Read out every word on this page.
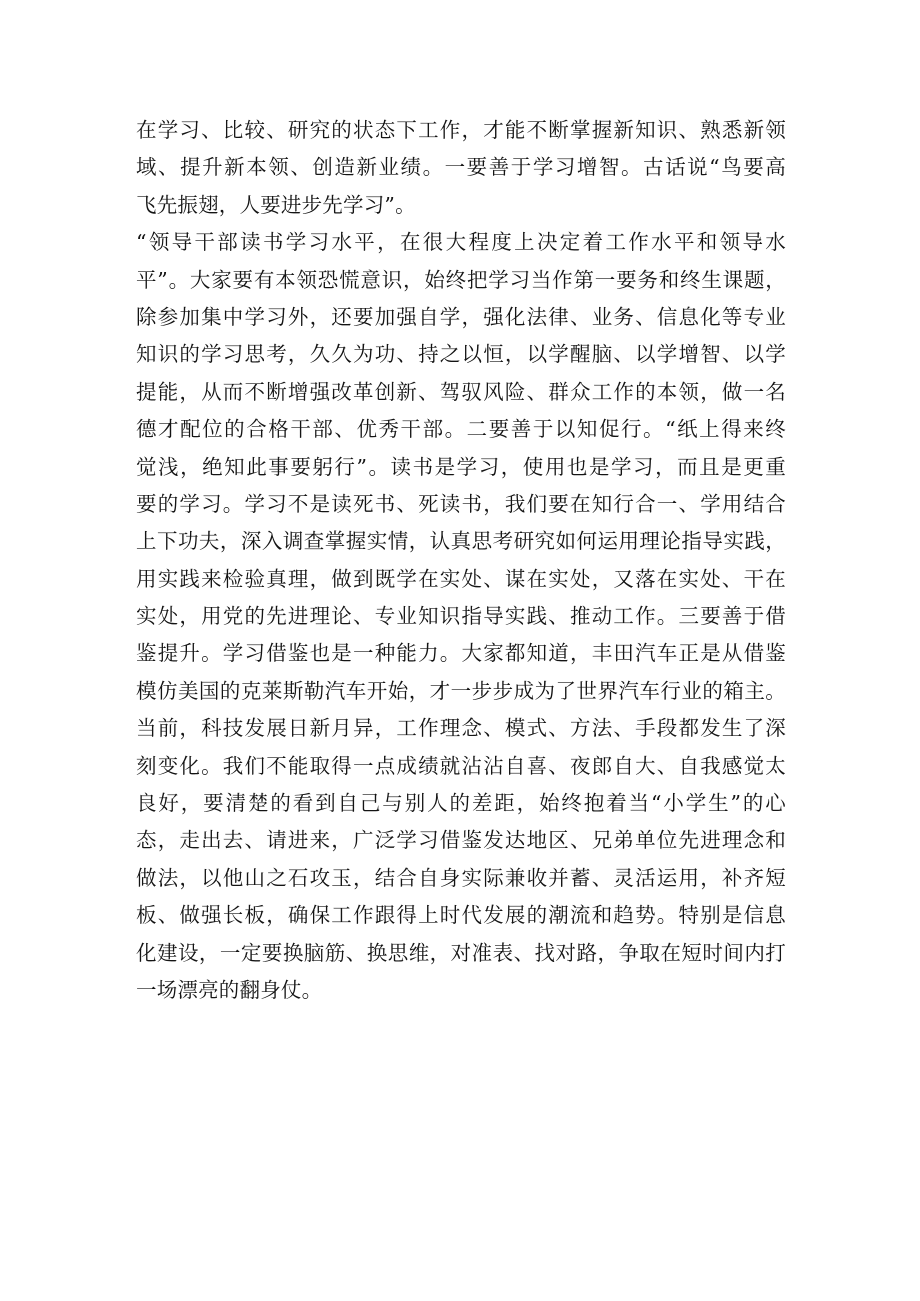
在学习、比较、研究的状态下工作，才能不断掌握新知识、熟悉新领
域、提升新本领、创造新业绩。一要善于学习增智。古话说“鸟要高
飞先振翅，人要进步先学习”。
“领导干部读书学习水平，在很大程度上决定着工作水平和领导水
平”。大家要有本领恐慌意识，始终把学习当作第一要务和终生课题，
除参加集中学习外，还要加强自学，强化法律、业务、信息化等专业
知识的学习思考，久久为功、持之以恒，以学醒脑、以学增智、以学
提能，从而不断增强改革创新、驾驭风险、群众工作的本领，做一名
德才配位的合格干部、优秀干部。二要善于以知促行。“纸上得来终
觉浅，绝知此事要躬行”。读书是学习，使用也是学习，而且是更重
要的学习。学习不是读死书、死读书，我们要在知行合一、学用结合
上下功夫，深入调查掌握实情，认真思考研究如何运用理论指导实践，
用实践来检验真理，做到既学在实处、谋在实处，又落在实处、干在
实处，用党的先进理论、专业知识指导实践、推动工作。三要善于借
鉴提升。学习借鉴也是一种能力。大家都知道，丰田汽车正是从借鉴
模仿美国的克莱斯勒汽车开始，才一步步成为了世界汽车行业的箱主。
当前，科技发展日新月异，工作理念、模式、方法、手段都发生了深
刻变化。我们不能取得一点成绩就沾沾自喜、夜郎自大、自我感觉太
良好，要清楚的看到自己与别人的差距，始终抱着当“小学生”的心
态，走出去、请进来，广泛学习借鉴发达地区、兄弟单位先进理念和
做法，以他山之石攻玉，结合自身实际兼收并蓄、灵活运用，补齐短
板、做强长板，确保工作跟得上时代发展的潮流和趋势。特别是信息
化建设，一定要换脑筋、换思维，对准表、找对路，争取在短时间内打
一场漂亮的翻身仗。
